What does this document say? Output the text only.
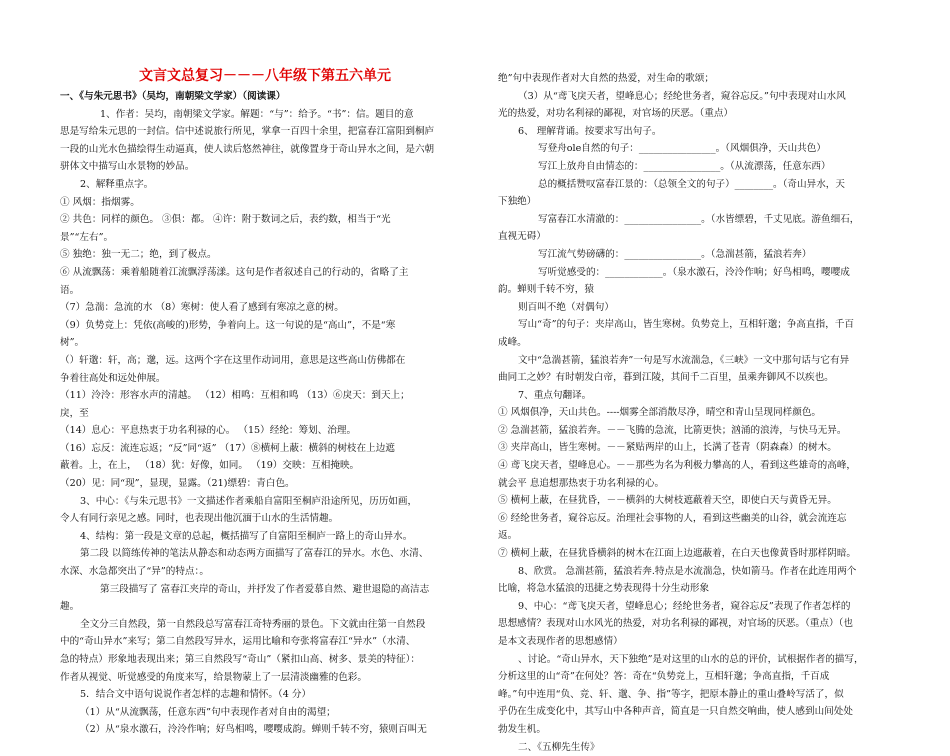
文言文总复习－－－八年级下第五六单元

一、《与朱元思书》（吴均，南朝梁文学家）（阅读课）

1、作者：吴均，南朝梁文学家。解题：“与”：给予。“书”：信。题目的意

思是写给朱元思的一封信。信中述说旅行所见，掌拿一百四十余里，把富春江富阳到桐庐

一段的山光水色描绘得生动逼真，使人读后悠然神往，就像置身于奇山异水之间，是六朝

骈体文中描写山水景物的妙品。

2、解释重点字。

① 风烟：指烟雾。

② 共色：同样的颜色。 ③俱：都。 ④许：附于数词之后，表约数，相当于“光

景”“左右”。

⑤ 独绝：独一无二；绝，到了极点。

⑥ 从流飘荡：乘着船随着江流飘浮荡漾。这句是作者叙述自己的行动的，省略了主

语。

（7）急湍：急流的水 （8）寒树：使人看了感到有寒凉之意的树。

（9）负势竞上：凭依(高峻的)形势，争着向上。这一句说的是“高山”，不是“寒

树”。

（）轩邈：轩，高；邈，远。这两个字在这里作动词用，意思是这些高山仿佛都在

争着往高处和远处伸展。

（11）泠泠：形容水声的清越。 （12）相鸣：互相和鸣 （13）⑥戾天：到天上；

戾，至

（14）息心：平息热衷于功名利禄的心。 （15）经纶：筹划、治理。

（16）忘反：流连忘返；“反”同“返” （17）⑧横柯上蔽：横斜的树枝在上边遮

蔽着。上，在上， （18）犹：好像，如同。 （19）交映：互相掩映。

（20）见：同“现”，显现，显露。（21)缥碧：青白色。

3、中心：《与朱元思书》一文描述作者乘船自富阳至桐庐沿途所见，历历如画，

令人有同行亲见之感。同时，也表现出他沉湎于山水的生活情趣。

4、结构：第一段是文章的总起，概括描写了自富阳至桐庐一路上的奇山异水。

第二段 以简练传神的笔法从静态和动态两方面描写了富春江的异水。水色、水清、

水深、水急都突出了“异”的特点：。

第三段描写了 富春江夹岸的奇山，并抒发了作者爱慕自然、避世退隐的高洁志

趣。

全文分三自然段，第一自然段总写富春江奇特秀丽的景色。下文就由往第一自然段

中的“奇山异水”来写；第二自然段写异水，运用比喻和夸张将富春江“异水”（水清、

急的特点）形象地表现出来；第三自然段写“奇山”（紧扣山高、树多、景美的特征）：

作者从视觉、听觉感受的角度来写，给景物蒙上了一层清淡幽雅的色彩。

5．结合文中语句说说作者怎样的志趣和情怀。（4 分）

（1）从“从流飘荡，任意东西”句中表现作者对自由的渴望；

（2）从“泉水激石，泠泠作响；好鸟相鸣，嘤嘤成韵。蝉则千转不穷，猿则百叫无

绝”句中表现作者对大自然的热爱，对生命的歌颂；

（3）从“鸢飞戾天者，望峰息心；经纶世务者，窥谷忘反。”句中表现对山水风

光的热爱，对功名利禄的鄙视，对官场的厌恶。（重点）

6、 理解背诵。按要求写出句子。

写登舟ole自然的句子：________________。（风烟俱净，天山共色）

写江上放舟自由情态的：________________。（从流漂荡，任意东西）

总的概括赞叹富春江景的：（总领全文的句子）________。（奇山异水，天

下独绝）

写富春江水清澈的：________________。（水皆缥碧，千丈见底。游鱼细石，

直视无碍）

写江流气势磅礴的：________________。（急湍甚箭，猛浪若奔）

写听觉感受的：____________。（泉水激石，泠泠作响；好鸟相鸣，嘤嘤成

韵。蝉则千转不穷，猿

则百叫不绝（对偶句）

写山“奇”的句子：夹岸高山，皆生寒树。负势竞上，互相轩邈；争高直指，千百

成峰。

文中“急湍甚箭，猛浪若奔”一句是写水流湍急，《三峡》一文中那句话与它有异

曲同工之妙？有时朝发白帝，暮到江陵，其间千二百里，虽乘奔御风不以疾也。

7、重点句翻译。

① 风烟俱净，天山共色。----烟雾全部消散尽净，晴空和青山呈现同样颜色。

② 急湍甚箭，猛浪若奔。－－飞腾的急流，比箭更快；汹涌的浪涛，与快马无异。

③ 夹岸高山，皆生寒树。－－紧贴两岸的山上，长满了苍青（阴森森）的树木。

④ 鸢飞戾天者，望峰息心。－－那些为名为利极力攀高的人，看到这些雄奇的高峰，

就会平 息追想那热衷于功名利禄的心。

⑤ 横柯上蔽，在昼犹昏，－－横斜的大树枝遮蔽着天空，即使白天与黄昏无异。

⑥ 经纶世务者，窥谷忘反。治理社会事物的人，看到这些幽美的山谷，就会流连忘

返。

⑦ 横柯上蔽，在昼犹昏横斜的树木在江面上边遮蔽着，在白天也像黄昏时那样阴暗。

8、欣赏。 急湍甚箭，猛浪若奔.特点是水流湍急，快如箭马。作者在此连用两个

比喻，将急水猛浪的迅捷之势表现得十分生动形象

9、中心：“鸢飞戾天者，望峰息心；经纶世务者，窥谷忘反”表现了作者怎样的

思想感情？表现对山水风光的热爱，对功名利禄的鄙视，对官场的厌恶。（重点）（也

是本文表现作者的思想感情）

、讨论。“奇山异水，天下独绝”是对这里的山水的总的评价，试根据作者的描写，

分析这里的山“奇”在何处？答：奇在“负势竞上，互相轩邈；争高直指，千百成

峰。”句中连用“负、竞、轩、邈、争、指”等字，把原本静止的重山叠岭写活了，似

乎仍在生成变化中，其写山中各种声音，简直是一只自然交响曲，使人感到山间处处

勃发生机。

二、《五柳先生传》
